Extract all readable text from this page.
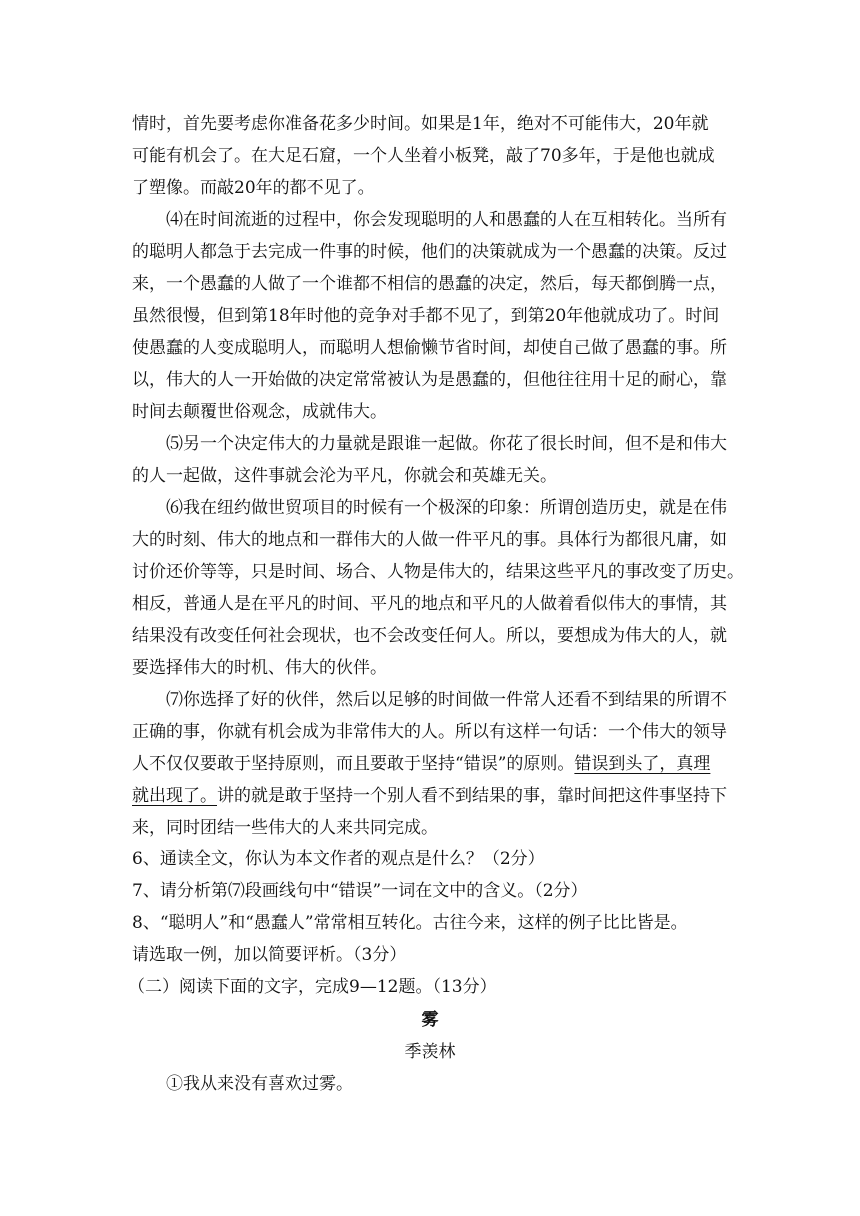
情时，首先要考虑你准备花多少时间。如果是1年，绝对不可能伟大，20年就
可能有机会了。在大足石窟，一个人坐着小板凳，敲了70多年，于是他也就成
了塑像。而敲20年的都不见了。
⑷在时间流逝的过程中，你会发现聪明的人和愚蠢的人在互相转化。当所有
的聪明人都急于去完成一件事的时候，他们的决策就成为一个愚蠢的决策。反过
来，一个愚蠢的人做了一个谁都不相信的愚蠢的决定，然后，每天都倒腾一点，
虽然很慢，但到第18年时他的竞争对手都不见了，到第20年他就成功了。时间
使愚蠢的人变成聪明人，而聪明人想偷懒节省时间，却使自己做了愚蠢的事。所
以，伟大的人一开始做的决定常常被认为是愚蠢的，但他往往用十足的耐心，靠
时间去颠覆世俗观念，成就伟大。
⑸另一个决定伟大的力量就是跟谁一起做。你花了很长时间，但不是和伟大
的人一起做，这件事就会沦为平凡，你就会和英雄无关。
⑹我在纽约做世贸项目的时候有一个极深的印象：所谓创造历史，就是在伟
大的时刻、伟大的地点和一群伟大的人做一件平凡的事。具体行为都很凡庸，如
讨价还价等等，只是时间、场合、人物是伟大的，结果这些平凡的事改变了历史。
相反，普通人是在平凡的时间、平凡的地点和平凡的人做着看似伟大的事情，其
结果没有改变任何社会现状，也不会改变任何人。所以，要想成为伟大的人，就
要选择伟大的时机、伟大的伙伴。
⑺你选择了好的伙伴，然后以足够的时间做一件常人还看不到结果的所谓不
正确的事，你就有机会成为非常伟大的人。所以有这样一句话：一个伟大的领导
人不仅仅要敢于坚持原则，而且要敢于坚持“错误”的原则。错误到头了，真理
就出现了。讲的就是敢于坚持一个别人看不到结果的事，靠时间把这件事坚持下
来，同时团结一些伟大的人来共同完成。
6、通读全文，你认为本文作者的观点是什么？（2分）
7、请分析第⑺段画线句中“错误”一词在文中的含义。（2分）
8、“聪明人”和“愚蠢人”常常相互转化。古往今来，这样的例子比比皆是。
请选取一例，加以简要评析。（3分）
（二）阅读下面的文字，完成9—12题。（13分）
雾
季羡林
①我从来没有喜欢过雾。
